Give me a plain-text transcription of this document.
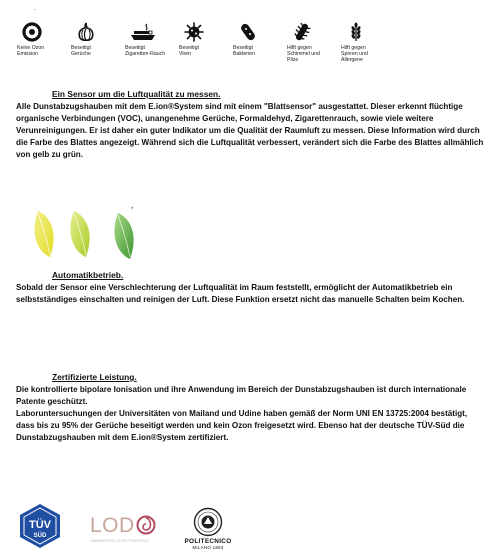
.
Keine Ozon
Emission
Beseitigt
Gerüche
Beseitigt
Zigaretten-Rauch
Beseitigt
Viren
Beseitigt
Bakterien
Hilft gegen
Schimmel und
Pilze
Hilft gegen
Sporen und
Allergene
Ein Sensor um die Luftqualität zu messen.
Alle Dunstabzugshauben mit dem E.ion®System sind mit einem "Blattsensor" ausgestattet. Dieser erkennt flüchtige organische Verbindungen (VOC), unangenehme Gerüche, Formaldehyd, Zigarettenrauch, sowie viele weitere Verunreinigungen. Er ist daher ein guter Indikator um die Qualität der Raumluft zu messen. Diese Information wird durch die Farbe des Blattes angezeigt. Während sich die Luftqualität verbessert, verändert sich die Farbe des Blattes allmählich von gelb zu grün.
*
Automatikbetrieb.
Sobald der Sensor eine Verschlechterung der Luftqualität im Raum feststellt, ermöglicht der Automatikbetrieb ein selbstständiges einschalten und reinigen der Luft. Diese Funktion ersetzt nicht das manuelle Schalten beim Kochen.
Zertifizierte Leistung.
Die kontrollierte bipolare Ionisation und ihre Anwendung im Bereich der Dunstabzugshauben ist durch internationale Patente geschützt.
Laboruntersuchungen der Universitäten von Mailand und Udine haben gemäß der Norm UNI EN 13725:2004 bestätigt, dass bis zu 95% der Gerüche beseitigt werden und kein Ozon freigesetzt wird. Ebenso hat der deutsche TÜV-Süd die Dunstabzugshauben mit dem E.ion®System zertifiziert.
TÜV
SÜD LOD
LABORATORIO OLFATTOMETRICO	POLITECNICO
MILANO 1863
